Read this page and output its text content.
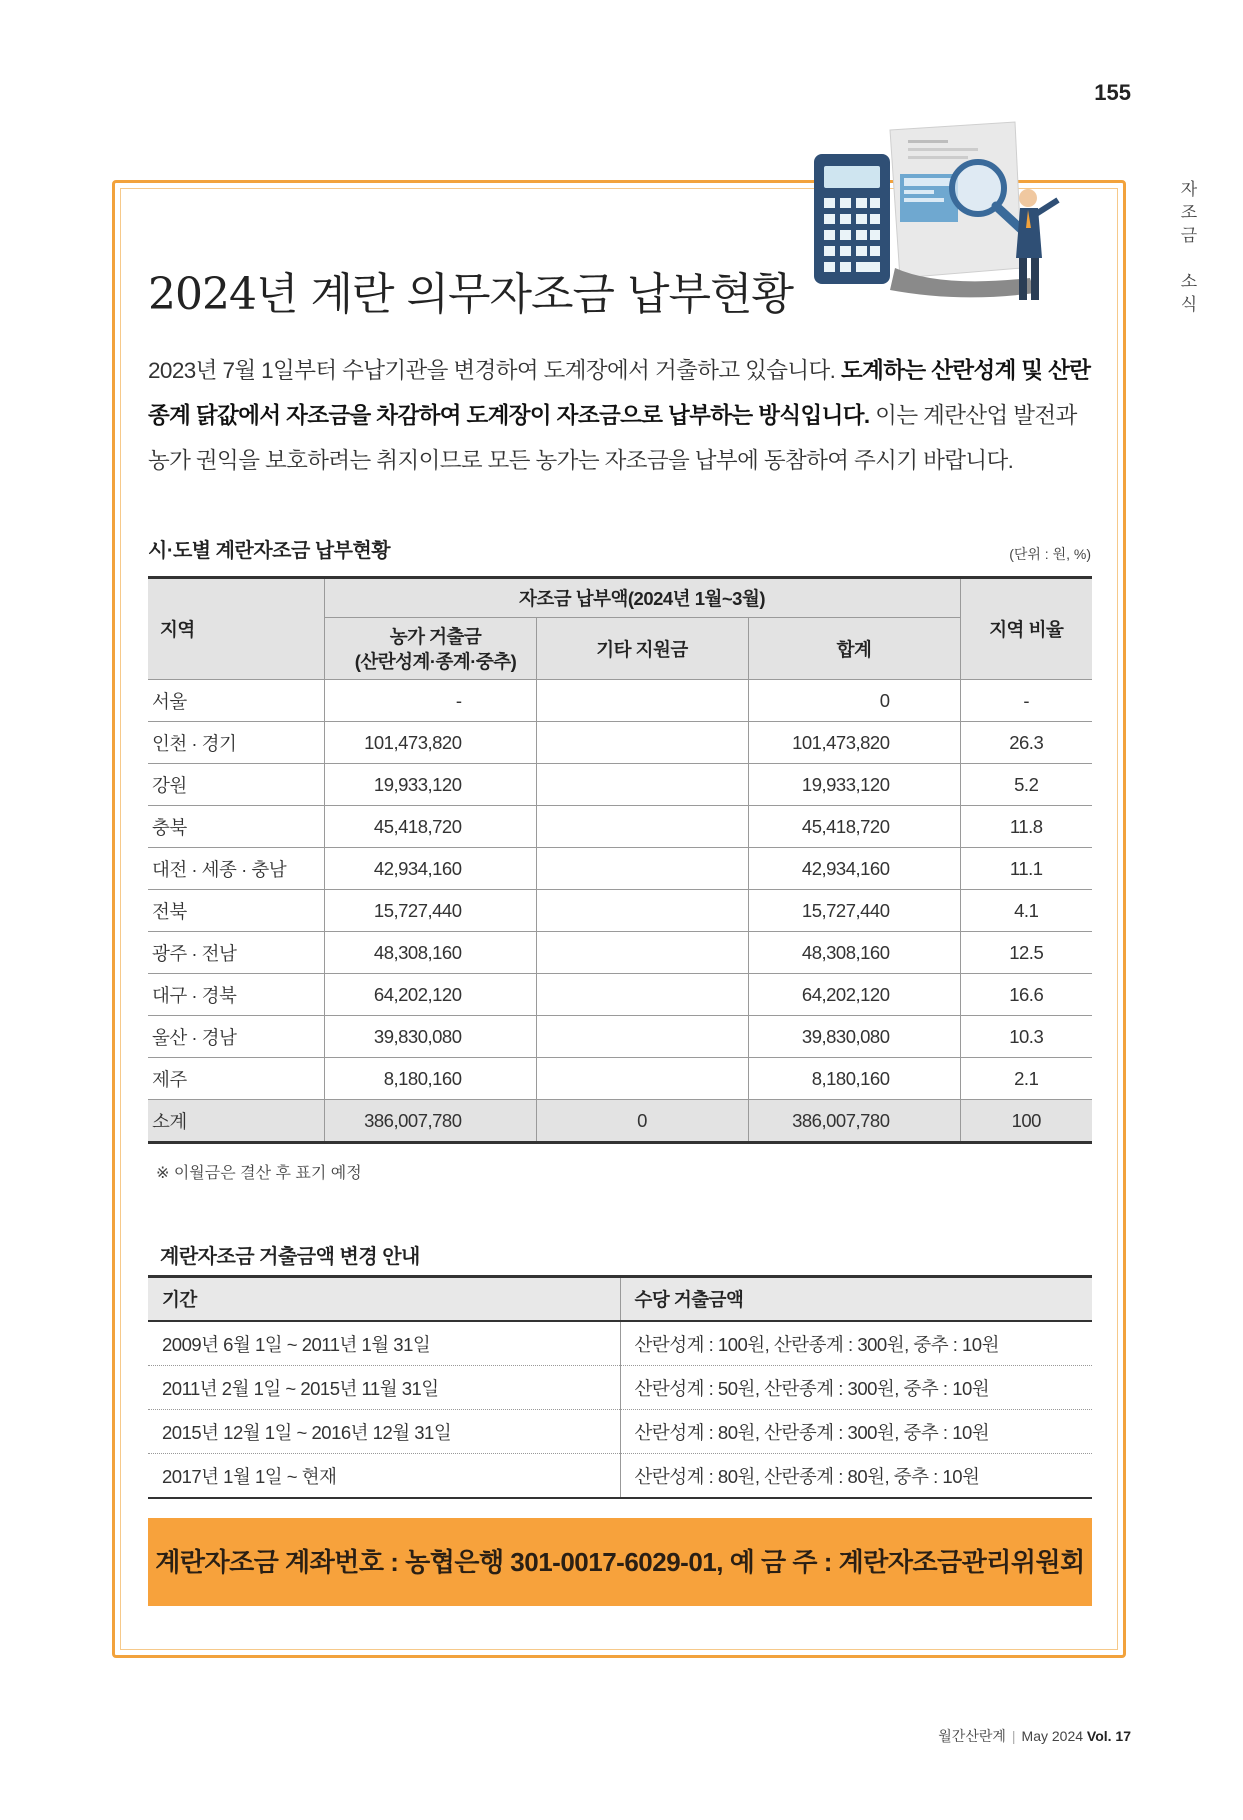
155
자
조
금

소
식
2024년 계란 의무자조금 납부현황
2023년 7월 1일부터 수납기관을 변경하여 도계장에서 거출하고 있습니다. 도계하는 산란성계 및 산란종계 닭값에서 자조금을 차감하여 도계장이 자조금으로 납부하는 방식입니다. 이는 계란산업 발전과 농가 권익을 보호하려는 취지이므로 모든 농가는 자조금을 납부에 동참하여 주시기 바랍니다.
시·도별 계란자조금 납부현황	(단위 : 원, %)
지역	자조금 납부액(2024년 1월~3월)			지역 비율
	농가 거출금
(산란성계·종계·중추)	기타 지원금	합계	
서울	-		0	-
인천 · 경기	101,473,820		101,473,820	26.3
강원	19,933,120		19,933,120	5.2
충북	45,418,720		45,418,720	11.8
대전 · 세종 · 충남	42,934,160		42,934,160	11.1
전북	15,727,440		15,727,440	4.1
광주 · 전남	48,308,160		48,308,160	12.5
대구 · 경북	64,202,120		64,202,120	16.6
울산 · 경남	39,830,080		39,830,080	10.3
제주	8,180,160		8,180,160	2.1
소계	386,007,780	0	386,007,780	100
※ 이월금은 결산 후 표기 예정
계란자조금 거출금액 변경 안내
기간	수당 거출금액
2009년 6월 1일 ~ 2011년 1월 31일	산란성계 : 100원, 산란종계 : 300원, 중추 : 10원
2011년 2월 1일 ~ 2015년 11월 31일	산란성계 : 50원, 산란종계 : 300원, 중추 : 10원
2015년 12월 1일 ~ 2016년 12월 31일	산란성계 : 80원, 산란종계 : 300원, 중추 : 10원
2017년 1월 1일 ~ 현재	산란성계 : 80원, 산란종계 : 80원, 중추 : 10원
계란자조금 계좌번호 : 농협은행 301-0017-6029-01, 예 금 주 : 계란자조금관리위원회
월간산란계 | May 2024 Vol. 17
